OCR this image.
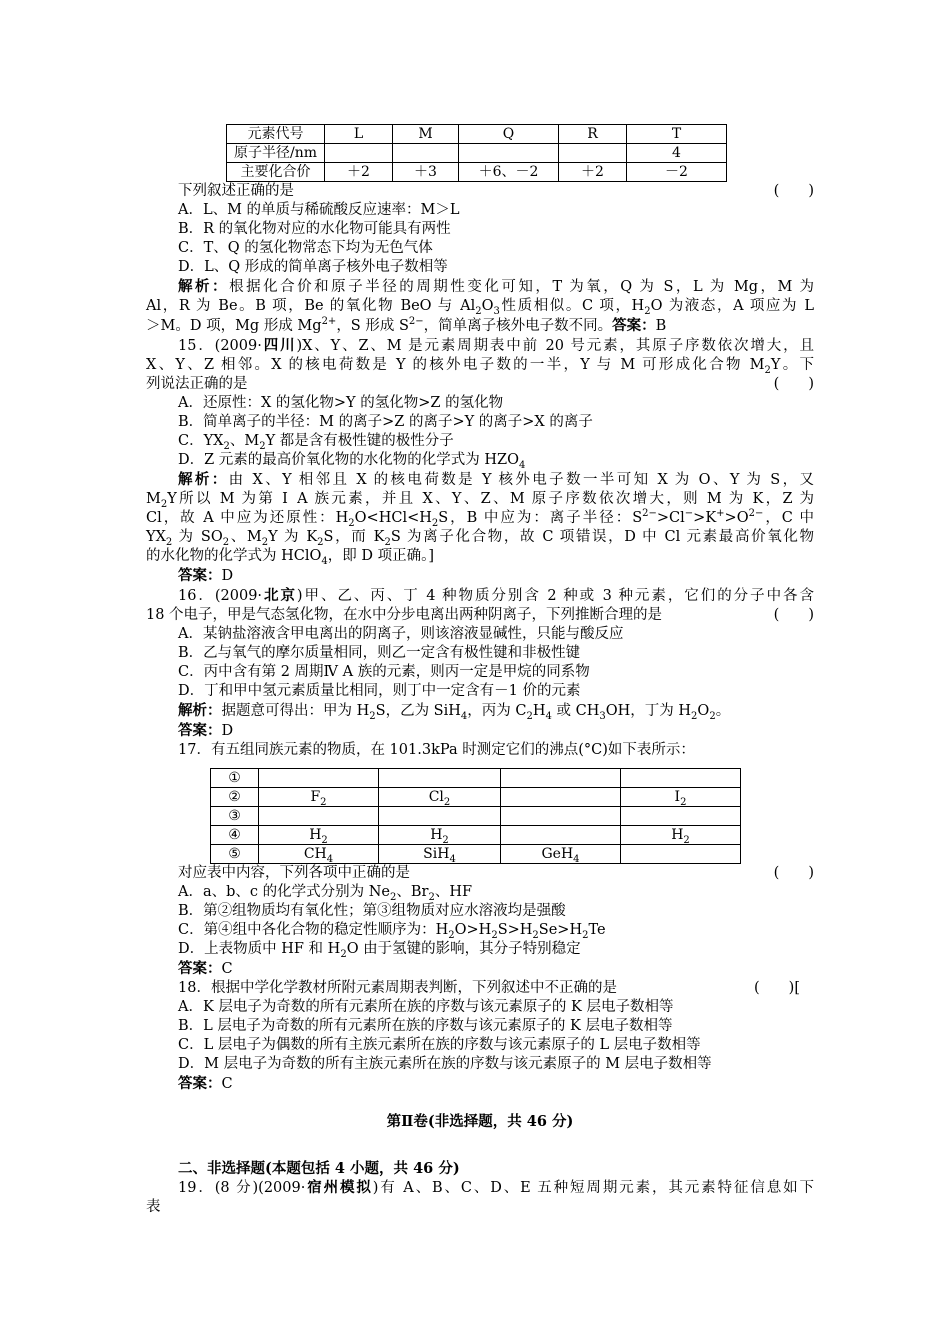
元素代号	L	M	Q	R	T
原子半径/nm					4
主要化合价	＋2	＋3	＋6、－2	＋2	－2
下列叙述正确的是	(　　)
A．L、M 的单质与稀硫酸反应速率：M＞L
B．R 的氧化物对应的水化物可能具有两性
C．T、Q 的氢化物常态下均为无色气体
D．L、Q 形成的简单离子核外电子数相等
解析：根据化合价和原子半径的周期性变化可知，T 为氧，Q 为 S，L 为 Mg，M 为
Al，R 为 Be。B 项，Be 的氧化物 BeO 与 $Al_2O_3$性质相似。C 项，$H_2O$ 为液态，A 项应为 L
＞M。D 项，Mg 形成 $Mg^{2+}$，S 形成 $S^{2-}$，简单离子核外电子数不同。答案：B
15．(2009·四川)X、Y、Z、M 是元素周期表中前 20 号元素，其原子序数依次增大，且
X、Y、Z 相邻。X 的核电荷数是 Y 的核外电子数的一半，Y 与 M 可形成化合物 $M_2Y$。下
列说法正确的是	(　　)
A．还原性：X 的氢化物>Y 的氢化物>Z 的氢化物
B．简单离子的半径：M 的离子>Z 的离子>Y 的离子>X 的离子
C．$YX_2$、$M_2Y$ 都是含有极性键的极性分子
D．Z 元素的最高价氧化物的水化物的化学式为 $HZO_4$
解析：由 X、Y 相邻且 X 的核电荷数是 Y 核外电子数一半可知 X 为 O、Y 为 S，又
$M_2Y$所以 M 为第 Ⅰ A 族元素，并且 X、Y、Z、M 原子序数依次增大，则 M 为 K，Z 为
Cl，故 A 中应为还原性：$H_2O<HCl<H_2S$，B 中应为：离子半径：$S^{2-}>Cl^->K^+>O^{2-}$，C 中
$YX_2$ 为 $SO_2$、$M_2Y$ 为 $K_2S$，而 $K_2S$ 为离子化合物，故 C 项错误，D 中 Cl 元素最高价氧化物
的水化物的化学式为 HClO$_4$，即 D 项正确。]
答案：D
16．(2009·北京)甲、乙、丙、丁 4 种物质分别含 2 种或 3 种元素，它们的分子中各含
18 个电子，甲是气态氢化物，在水中分步电离出两种阴离子，下列推断合理的是	(　　)
A．某钠盐溶液含甲电离出的阴离子，则该溶液显碱性，只能与酸反应
B．乙与氧气的摩尔质量相同，则乙一定含有极性键和非极性键
C．丙中含有第 2 周期Ⅳ A 族的元素，则丙一定是甲烷的同系物
D．丁和甲中氢元素质量比相同，则丁中一定含有－1 价的元素
解析：据题意可得出：甲为 $H_2S$，乙为 SiH$_4$，丙为 $C_2H_4$ 或 $CH_3OH$，丁为 $H_2O_2$。
答案：D
17．有五组同族元素的物质，在 101.3kPa 时测定它们的沸点(°C)如下表所示：
①				
②	$F_2$	$Cl_2$		$I_2$
③				
④	$H_2$	$H_2$		$H_2$
⑤	$CH_4$	SiH$_4$	GeH$_4$	
对应表中内容，下列各项中正确的是	(　　)
A．a、b、c 的化学式分别为 $Ne_2$、$Br_2$、HF
B．第②组物质均有氧化性；第③组物质对应水溶液均是强酸
C．第④组中各化合物的稳定性顺序为：$H_2O>H_2S>H_2Se>H_2Te$
D．上表物质中 HF 和 $H_2O$ 由于氢键的影响，其分子特别稳定
答案：C
18．根据中学化学教材所附元素周期表判断，下列叙述中不正确的是	(　　)[
A．K 层电子为奇数的所有元素所在族的序数与该元素原子的 K 层电子数相等
B．L 层电子为奇数的所有元素所在族的序数与该元素原子的 K 层电子数相等
C．L 层电子为偶数的所有主族元素所在族的序数与该元素原子的 L 层电子数相等
D．M 层电子为奇数的所有主族元素所在族的序数与该元素原子的 M 层电子数相等
答案：C
第Ⅱ卷(非选择题，共 46 分)
二、非选择题(本题包括 4 小题，共 46 分)
19．(8 分)(2009·宿州模拟)有 A、B、C、D、E 五种短周期元素，其元素特征信息如下
表
